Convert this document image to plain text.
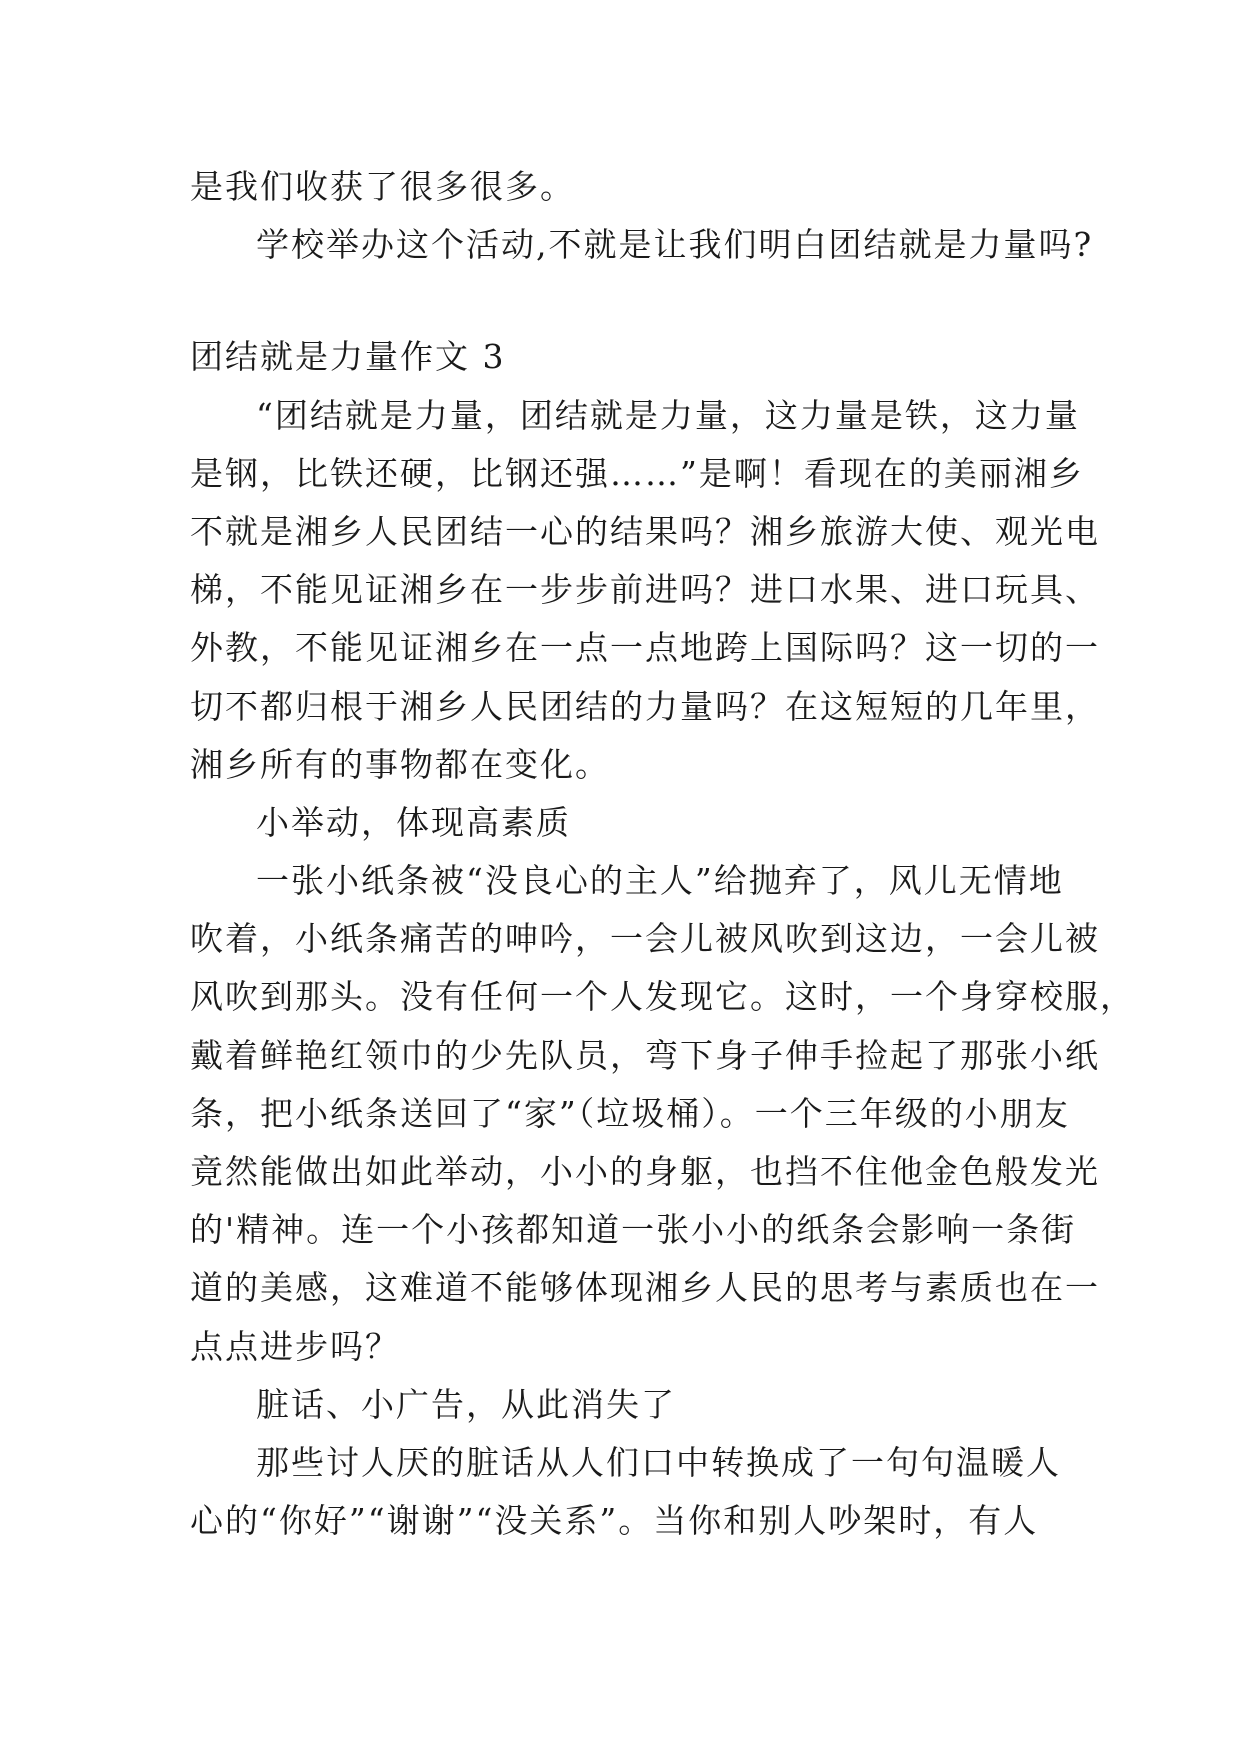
是我们收获了很多很多。
学校举办这个活动,不就是让我们明白团结就是力量吗?
团结就是力量作文 3
“团结就是力量，团结就是力量，这力量是铁，这力量
是钢，比铁还硬，比钢还强……”是啊！看现在的美丽湘乡
不就是湘乡人民团结一心的结果吗？湘乡旅游大使、观光电
梯，不能见证湘乡在一步步前进吗？进口水果、进口玩具、
外教，不能见证湘乡在一点一点地跨上国际吗？这一切的一
切不都归根于湘乡人民团结的力量吗？在这短短的几年里，
湘乡所有的事物都在变化。
小举动，体现高素质
一张小纸条被“没良心的主人”给抛弃了，风儿无情地
吹着，小纸条痛苦的呻吟，一会儿被风吹到这边，一会儿被
风吹到那头。没有任何一个人发现它。这时，一个身穿校服，
戴着鲜艳红领巾的少先队员，弯下身子伸手捡起了那张小纸
条，把小纸条送回了“家”（垃圾桶）。一个三年级的小朋友
竟然能做出如此举动，小小的身躯，也挡不住他金色般发光
的'精神。连一个小孩都知道一张小小的纸条会影响一条街
道的美感，这难道不能够体现湘乡人民的思考与素质也在一
点点进步吗？
脏话、小广告，从此消失了
那些讨人厌的脏话从人们口中转换成了一句句温暖人
心的“你好”“谢谢”“没关系”。当你和别人吵架时，有人
